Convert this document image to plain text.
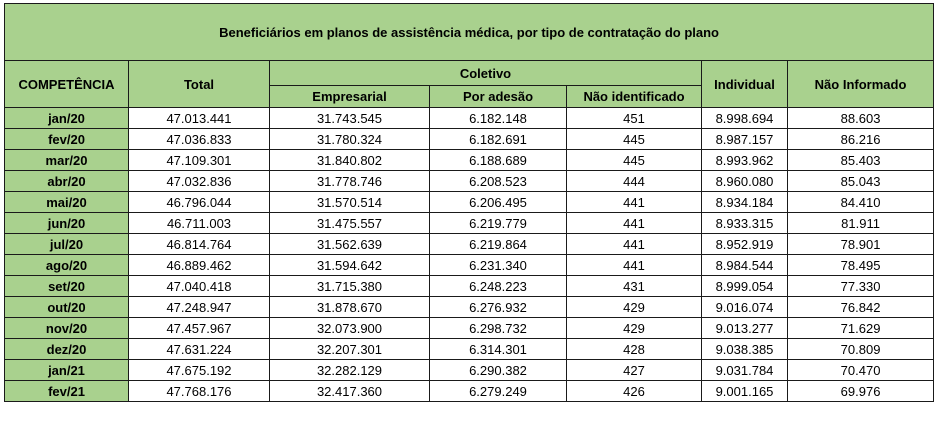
Beneficiários em planos de assistência médica, por tipo de contratação do plano						
COMPETÊNCIA	Total	Coletivo			Individual	Não Informado
		Empresarial	Por adesão	Não identificado		
jan/20	47.013.441	31.743.545	6.182.148	451	8.998.694	88.603
fev/20	47.036.833	31.780.324	6.182.691	445	8.987.157	86.216
mar/20	47.109.301	31.840.802	6.188.689	445	8.993.962	85.403
abr/20	47.032.836	31.778.746	6.208.523	444	8.960.080	85.043
mai/20	46.796.044	31.570.514	6.206.495	441	8.934.184	84.410
jun/20	46.711.003	31.475.557	6.219.779	441	8.933.315	81.911
jul/20	46.814.764	31.562.639	6.219.864	441	8.952.919	78.901
ago/20	46.889.462	31.594.642	6.231.340	441	8.984.544	78.495
set/20	47.040.418	31.715.380	6.248.223	431	8.999.054	77.330
out/20	47.248.947	31.878.670	6.276.932	429	9.016.074	76.842
nov/20	47.457.967	32.073.900	6.298.732	429	9.013.277	71.629
dez/20	47.631.224	32.207.301	6.314.301	428	9.038.385	70.809
jan/21	47.675.192	32.282.129	6.290.382	427	9.031.784	70.470
fev/21	47.768.176	32.417.360	6.279.249	426	9.001.165	69.976
